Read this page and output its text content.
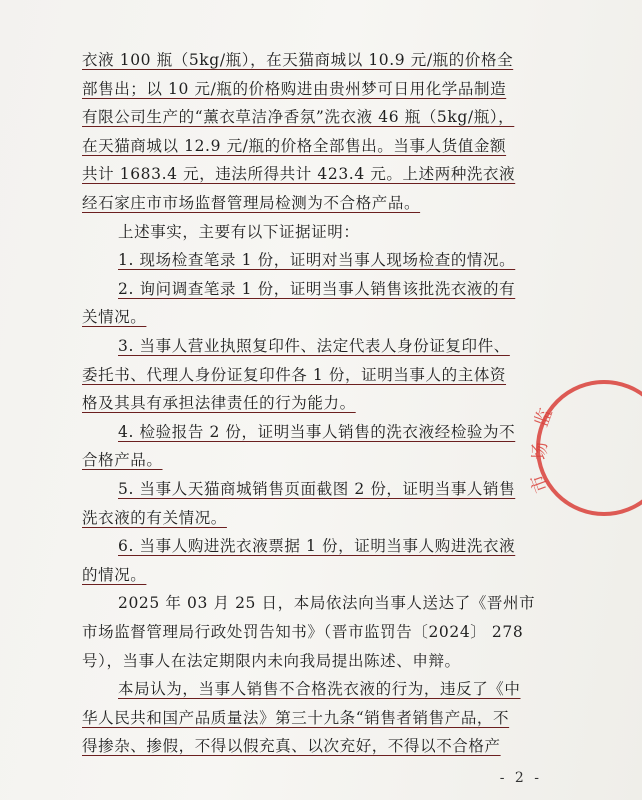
衣液 100 瓶（5kg/瓶），在天猫商城以 10.9 元/瓶的价格全
部售出；以 10 元/瓶的价格购进由贵州梦可日用化学品制造
有限公司生产的“薰衣草洁净香氛”洗衣液 46 瓶（5kg/瓶），
在天猫商城以 12.9 元/瓶的价格全部售出。当事人货值金额
共计 1683.4 元，违法所得共计 423.4 元。上述两种洗衣液
经石家庄市市场监督管理局检测为不合格产品。
上述事实，主要有以下证据证明：
1. 现场检查笔录 1 份，证明对当事人现场检查的情况。
2. 询问调查笔录 1 份，证明当事人销售该批洗衣液的有
关情况。
3. 当事人营业执照复印件、法定代表人身份证复印件、
委托书、代理人身份证复印件各 1 份，证明当事人的主体资
格及其具有承担法律责任的行为能力。
4. 检验报告 2 份，证明当事人销售的洗衣液经检验为不
合格产品。
5. 当事人天猫商城销售页面截图 2 份，证明当事人销售
洗衣液的有关情况。
6. 当事人购进洗衣液票据 1 份，证明当事人购进洗衣液
的情况。
2025 年 03 月 25 日，本局依法向当事人送达了《晋州市
市场监督管理局行政处罚告知书》（晋市监罚告〔2024〕 278
号），当事人在法定期限内未向我局提出陈述、申辩。
本局认为，当事人销售不合格洗衣液的行为，违反了《中
华人民共和国产品质量法》第三十九条“销售者销售产品，不
得掺杂、掺假，不得以假充真、以次充好，不得以不合格产
- 2 -
监
场
市
